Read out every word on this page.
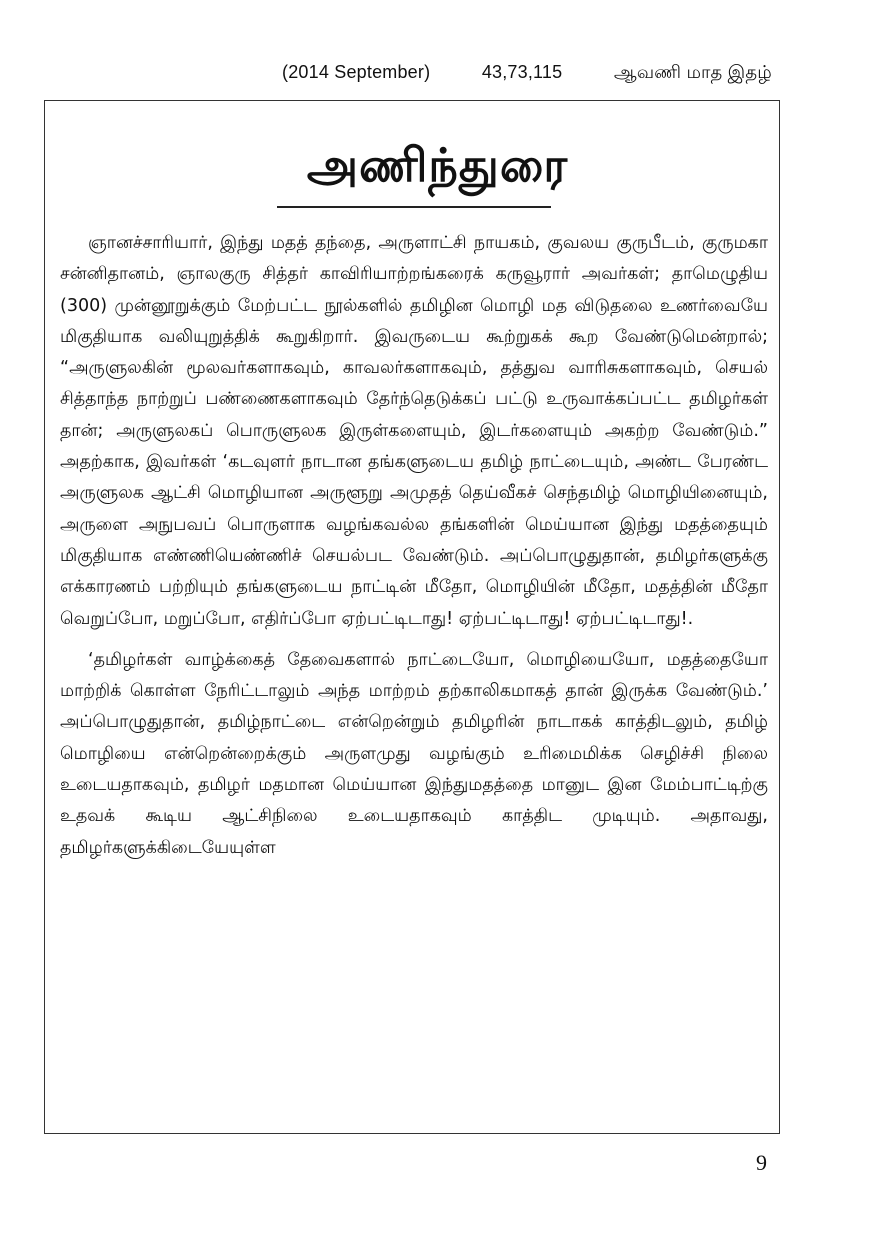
(2014 September)	43,73,115	ஆவணி மாத இதழ்
அணிந்துரை

ஞானச்சாரியார், இந்து மதத் தந்தை, அருளாட்சி நாயகம், குவலய குருபீடம், குருமகா சன்னிதானம், ஞாலகுரு சித்தர் காவிரியாற்றங்கரைக் கருவூரார் அவர்கள்; தாமெழுதிய (300) முன்னூறுக்கும் மேற்பட்ட நூல்களில் தமிழின மொழி மத விடுதலை உணர்வையே மிகுதியாக வலியுறுத்திக் கூறுகிறார். இவருடைய கூற்றுகக் கூற வேண்டுமென்றால்; “அருளுலகின் மூலவர்களாகவும், காவலர்களாகவும், தத்துவ வாரிசுகளாகவும், செயல் சித்தாந்த நாற்றுப் பண்ணைகளாகவும் தேர்ந்தெடுக்கப் பட்டு உருவாக்கப்பட்ட தமிழர்கள் தான்; அருளுலகப் பொருளுலக இருள்களையும், இடர்களையும் அகற்ற வேண்டும்.” அதற்காக, இவர்கள் ‘கடவுளர் நாடான தங்களுடைய தமிழ் நாட்டையும், அண்ட பேரண்ட அருளுலக ஆட்சி மொழியான அருளூறு அமுதத் தெய்வீகச் செந்தமிழ் மொழியினையும், அருளை அநுபவப் பொருளாக வழங்கவல்ல தங்களின் மெய்யான இந்து மதத்தையும் மிகுதியாக எண்ணியெண்ணிச் செயல்பட வேண்டும். அப்பொழுதுதான், தமிழர்களுக்கு எக்காரணம் பற்றியும் தங்களுடைய நாட்டின் மீதோ, மொழியின் மீதோ, மதத்தின் மீதோ வெறுப்போ, மறுப்போ, எதிர்ப்போ ஏற்பட்டிடாது! ஏற்பட்டிடாது! ஏற்பட்டிடாது!.

‘தமிழர்கள் வாழ்க்கைத் தேவைகளால் நாட்டையோ, மொழியையோ, மதத்தையோ மாற்றிக் கொள்ள நேரிட்டாலும் அந்த மாற்றம் தற்காலிகமாகத் தான் இருக்க வேண்டும்.’ அப்பொழுதுதான், தமிழ்நாட்டை என்றென்றும் தமிழரின் நாடாகக் காத்திடலும், தமிழ் மொழியை என்றென்றைக்கும் அருளமுது வழங்கும் உரிமைமிக்க செழிச்சி நிலை உடையதாகவும், தமிழர் மதமான மெய்யான இந்துமதத்தை மானுட இன மேம்பாட்டிற்கு உதவக் கூடிய ஆட்சிநிலை உடையதாகவும் காத்திட முடியும். அதாவது, தமிழர்களுக்கிடையேயுள்ள

9
